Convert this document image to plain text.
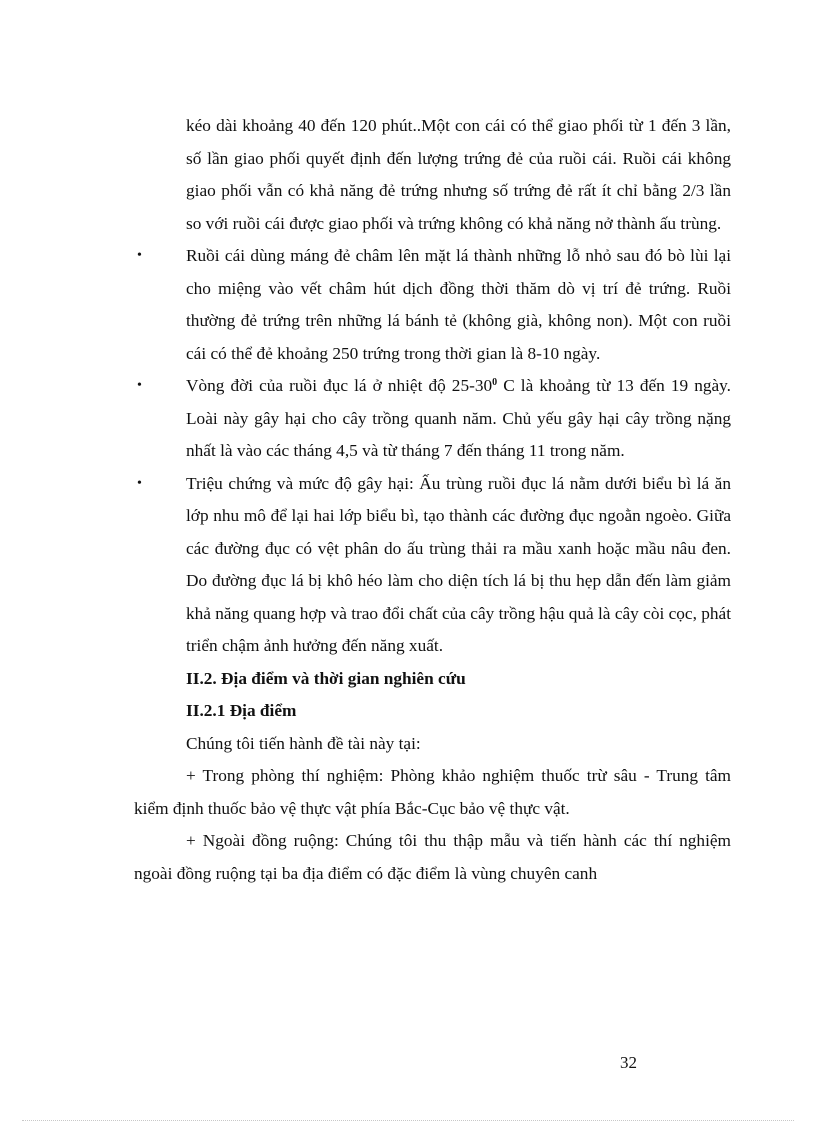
kéo dài khoảng 40 đến 120 phút..Một con cái có thể giao phối từ 1 đến 3 lần, số lần giao phối quyết định đến lượng trứng đẻ của ruồi cái. Ruồi cái không giao phối vẫn có khả năng đẻ trứng nhưng số trứng đẻ rất ít chỉ bằng 2/3 lần so với ruồi cái được giao phối và trứng không có khả năng nở thành ấu trùng.

•	Ruồi cái dùng máng đẻ châm lên mặt lá thành những lỗ nhỏ sau đó bò lùi lại cho miệng vào vết châm hút dịch đồng thời thăm dò vị trí đẻ trứng. Ruồi thường đẻ trứng trên những lá bánh tẻ (không già, không non). Một con ruồi cái có thể đẻ khoảng 250 trứng trong thời gian là 8-10 ngày.
•	Vòng đời của ruồi đục lá ở nhiệt độ $25-30^0$ C là khoảng từ 13 đến 19 ngày. Loài này gây hại cho cây trồng quanh năm. Chủ yếu gây hại cây trồng nặng nhất là vào các tháng 4,5 và từ tháng 7 đến tháng 11 trong năm.
•	Triệu chứng và mức độ gây hại: Ấu trùng ruồi đục lá nằm dưới biểu bì lá ăn lớp nhu mô để lại hai lớp biểu bì, tạo thành các đường đục ngoằn ngoèo. Giữa các đường đục có vệt phân do ấu trùng thải ra mầu xanh hoặc mầu nâu đen. Do đường đục lá bị khô héo làm cho diện tích lá bị thu hẹp dẫn đến làm giảm khả năng quang hợp và trao đổi chất của cây trồng hậu quả là cây còi cọc, phát triển chậm ảnh hưởng đến năng xuất.

II.2. Địa điểm và thời gian nghiên cứu

II.2.1 Địa điểm

Chúng tôi tiến hành đề tài này tại:

+ Trong phòng thí nghiệm: Phòng khảo nghiệm thuốc trừ sâu - Trung tâm kiểm định thuốc bảo vệ thực vật phía Bắc-Cục bảo vệ thực vật.

+ Ngoài đồng ruộng: Chúng tôi thu thập mẫu và tiến hành các thí nghiệm ngoài đồng ruộng tại ba địa điểm có đặc điểm là vùng chuyên canh

32
